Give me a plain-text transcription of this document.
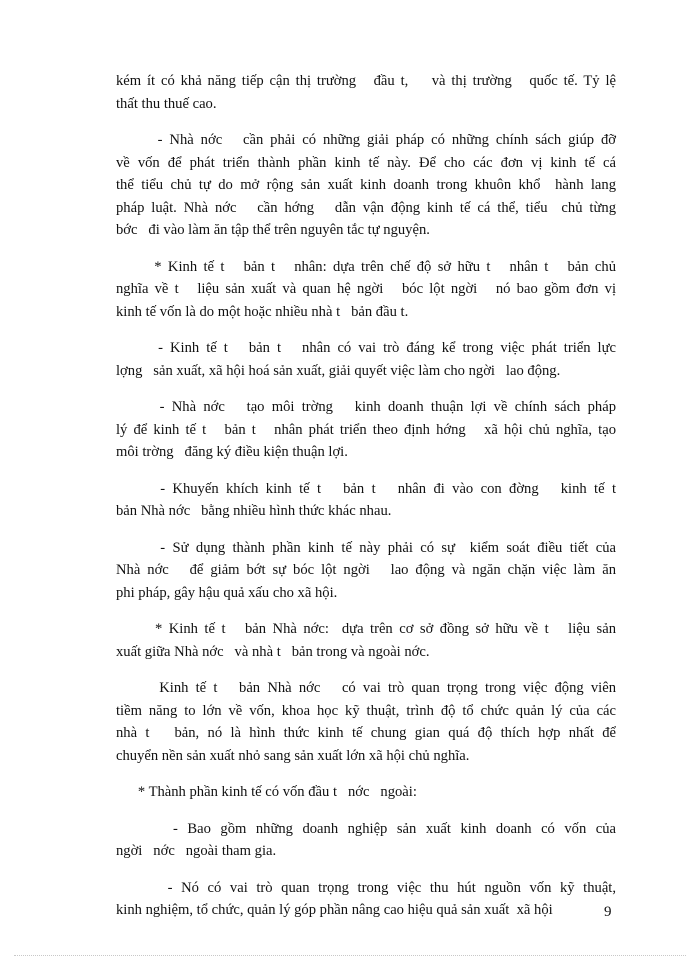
kém ít có khả năng tiếp cận thị trường   đầu t,    và thị trường   quốc tế. Tỷ lệ
thất thu thuế cao.

- Nhà nớc   cần phải có những giải pháp có những chính sách giúp đỡ
về vốn để phát triển thành phần kinh tế này. Để cho các đơn vị kinh tế cá
thể tiểu chủ tự do mở rộng sản xuất kinh doanh trong khuôn khổ  hành lang
pháp luật. Nhà nớc   cần hớng   dẫn vận động kinh tế cá thể, tiểu  chủ từng
bớc   đi vào làm ăn tập thể trên nguyên tắc tự nguyện.

* Kinh tế t   bản t   nhân: dựa trên chế độ sở hữu t   nhân t   bản chủ
nghĩa về t   liệu sản xuất và quan hệ ngời   bóc lột ngời   nó bao gồm đơn vị
kinh tế vốn là do một hoặc nhiều nhà t   bản đầu t.

- Kinh tế t   bản t   nhân có vai trò đáng kể trong việc phát triển lực
lợng   sản xuất, xã hội hoá sản xuất, giải quyết việc làm cho ngời   lao động.

- Nhà nớc   tạo môi trờng   kinh doanh thuận lợi về chính sách pháp
lý để kinh tế t   bản t   nhân phát triển theo định hớng   xã hội chủ nghĩa, tạo
môi trờng   đăng ký điều kiện thuận lợi.

- Khuyến khích kinh tế t   bản t   nhân đi vào con đờng   kinh tế t
bản Nhà nớc   bằng nhiều hình thức khác nhau.

- Sử dụng thành phần kinh tế này phải có sự  kiểm soát điều tiết của
Nhà nớc   để giảm bớt sự bóc lột ngời   lao động và ngăn chặn việc làm ăn
phi pháp, gây hậu quả xấu cho xã hội.

* Kinh tế t   bản Nhà nớc:  dựa trên cơ sở đồng sở hữu về t   liệu sản
xuất giữa Nhà nớc   và nhà t   bản trong và ngoài nớc.

Kinh tế t   bản Nhà nớc   có vai trò quan trọng trong việc động viên
tiềm năng to lớn về vốn, khoa học kỹ thuật, trình độ tổ chức quản lý của các
nhà t   bản, nó là hình thức kinh tế chung gian quá độ thích hợp nhất để
chuyển nền sản xuất nhỏ sang sản xuất lớn xã hội chủ nghĩa.

* Thành phần kinh tế có vốn đầu t   nớc   ngoài:

- Bao gồm những doanh nghiệp sản xuất kinh doanh có vốn của
ngời   nớc   ngoài tham gia.

- Nó có vai trò quan trọng trong việc thu hút nguồn vốn kỹ thuật,
kinh nghiệm, tổ chức, quản lý góp phần nâng cao hiệu quả sản xuất  xã hội	9
